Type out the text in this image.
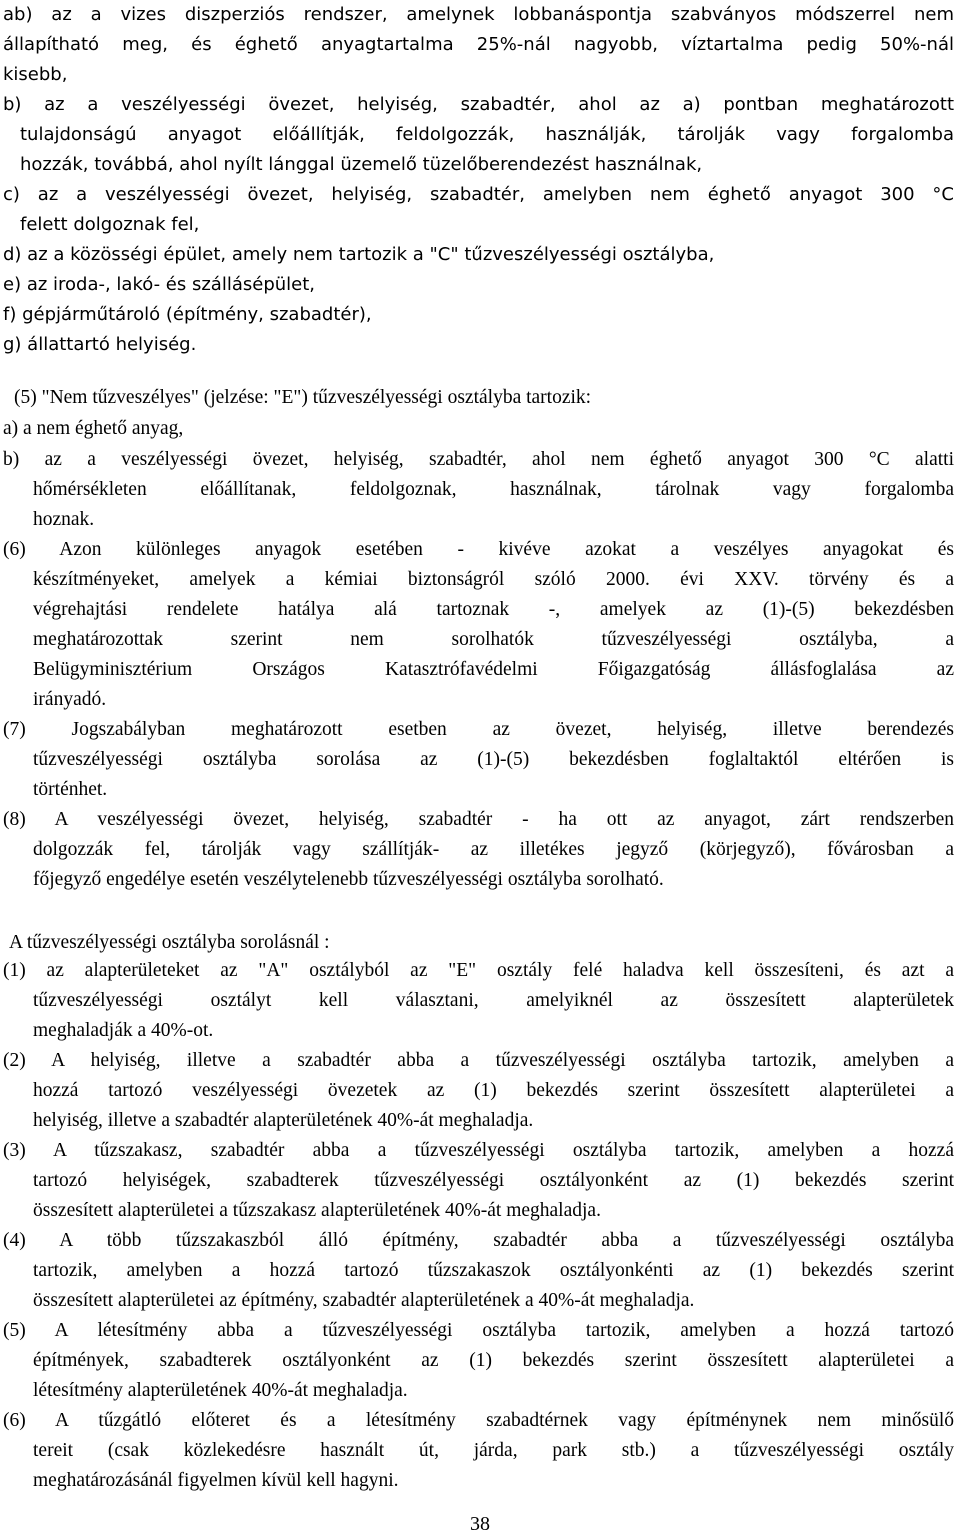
ab) az a vizes diszperziós rendszer, amelynek lobbanáspontja szabványos módszerrel nem

állapítható meg, és éghető anyagtartalma 25%-nál nagyobb, víztartalma pedig 50%-nál

kisebb,

b) az a veszélyességi övezet, helyiség, szabadtér, ahol az a) pontban meghatározott

tulajdonságú anyagot előállítják, feldolgozzák, használják, tárolják vagy forgalomba

hozzák, továbbá, ahol nyílt lánggal üzemelő tüzelőberendezést használnak,

c) az a veszélyességi övezet, helyiség, szabadtér, amelyben nem éghető anyagot 300 °C

felett dolgoznak fel,

d) az a közösségi épület, amely nem tartozik a "C" tűzveszélyességi osztályba,

e) az iroda-, lakó- és szállásépület,

f) gépjárműtároló (építmény, szabadtér),

g) állattartó helyiség.

(5) "Nem tűzveszélyes" (jelzése: "E") tűzveszélyességi osztályba tartozik:

a) a nem éghető anyag,

b) az a veszélyességi övezet, helyiség, szabadtér, ahol nem éghető anyagot 300 °C alatti

hőmérsékleten előállítanak, feldolgoznak, használnak, tárolnak vagy forgalomba

hoznak.

(6) Azon különleges anyagok esetében - kivéve azokat a veszélyes anyagokat és

készítményeket, amelyek a kémiai biztonságról szóló 2000. évi XXV. törvény és a

végrehajtási rendelete hatálya alá tartoznak -, amelyek az (1)-(5) bekezdésben

meghatározottak szerint nem sorolhatók tűzveszélyességi osztályba, a

Belügyminisztérium Országos Katasztrófavédelmi Főigazgatóság állásfoglalása az

irányadó.

(7) Jogszabályban meghatározott esetben az övezet, helyiség, illetve berendezés

tűzveszélyességi osztályba sorolása az (1)-(5) bekezdésben foglaltaktól eltérően is

történhet.

(8) A veszélyességi övezet, helyiség, szabadtér - ha ott az anyagot, zárt rendszerben

dolgozzák fel, tárolják vagy szállítják- az illetékes jegyző (körjegyző), fővárosban a

főjegyző engedélye esetén veszélytelenebb tűzveszélyességi osztályba sorolható.

A tűzveszélyességi osztályba sorolásnál :

(1) az alapterületeket az "A" osztályból az "E" osztály felé haladva kell összesíteni, és azt a

tűzveszélyességi osztályt kell választani, amelyiknél az összesített alapterületek

meghaladják a 40%-ot.

(2) A helyiség, illetve a szabadtér abba a tűzveszélyességi osztályba tartozik, amelyben a

hozzá tartozó veszélyességi övezetek az (1) bekezdés szerint összesített alapterületei a

helyiség, illetve a szabadtér alapterületének 40%-át meghaladja.

(3) A tűzszakasz, szabadtér abba a tűzveszélyességi osztályba tartozik, amelyben a hozzá

tartozó helyiségek, szabadterek tűzveszélyességi osztályonként az (1) bekezdés szerint

összesített alapterületei a tűzszakasz alapterületének 40%-át meghaladja.

(4) A több tűzszakaszból álló építmény, szabadtér abba a tűzveszélyességi osztályba

tartozik, amelyben a hozzá tartozó tűzszakaszok osztályonkénti az (1) bekezdés szerint

összesített alapterületei az építmény, szabadtér alapterületének a 40%-át meghaladja.

(5) A létesítmény abba a tűzveszélyességi osztályba tartozik, amelyben a hozzá tartozó

építmények, szabadterek osztályonként az (1) bekezdés szerint összesített alapterületei a

létesítmény alapterületének 40%-át meghaladja.

(6) A tűzgátló előteret és a létesítmény szabadtérnek vagy építménynek nem minősülő

tereit (csak közlekedésre használt út, járda, park stb.) a tűzveszélyességi osztály

meghatározásánál figyelmen kívül kell hagyni.

38
